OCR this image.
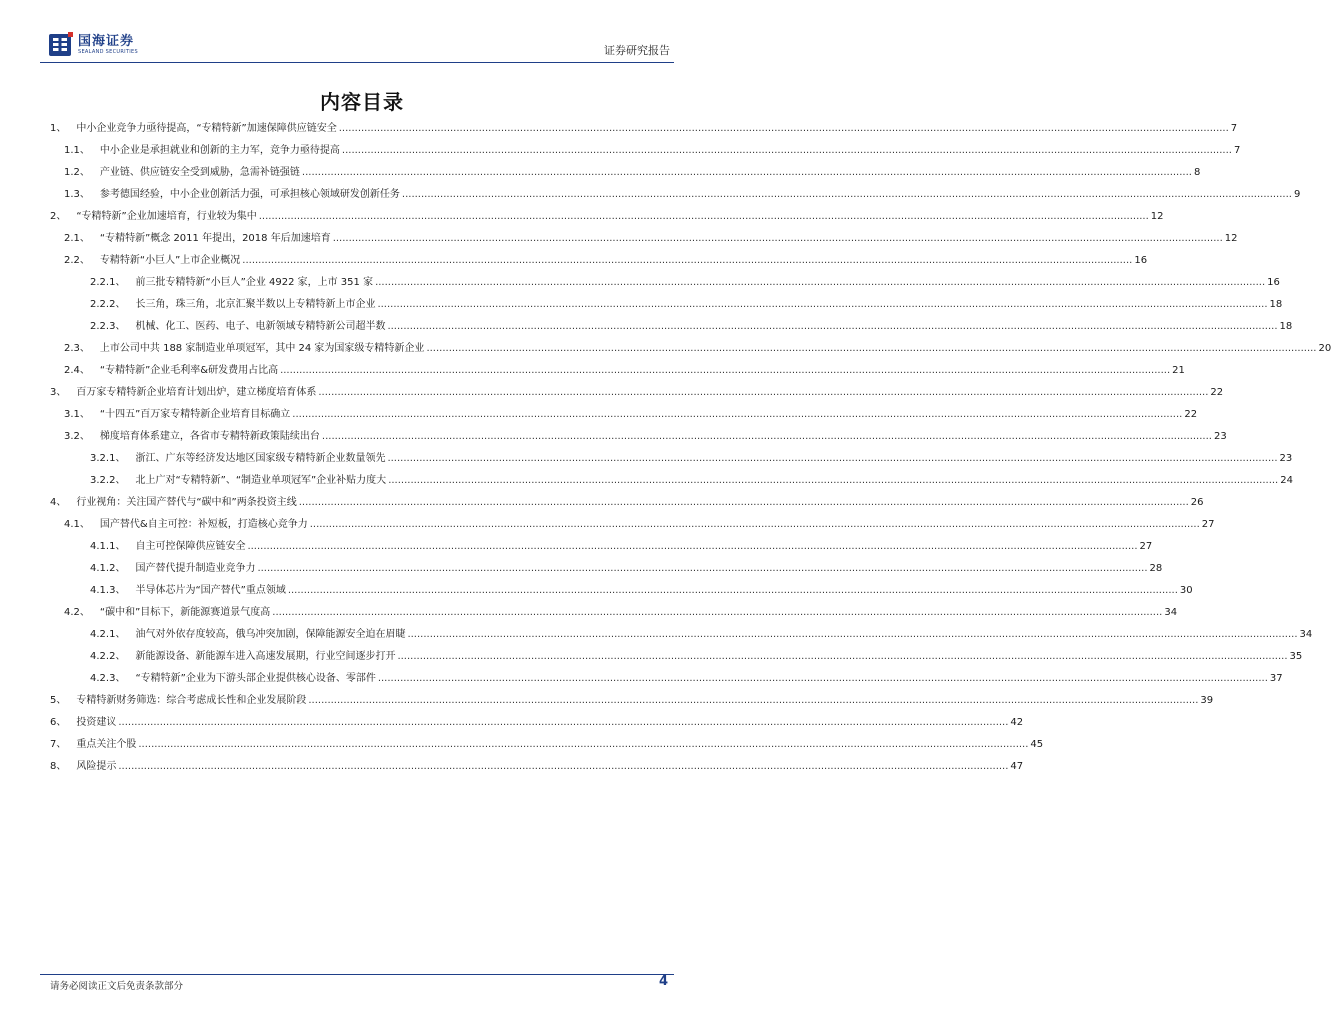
国海证券
SEALAND SECURITIES	证券研究报告
内容目录
1、 中小企业竞争力亟待提高，“专精特新”加速保障供应链安全 .....	7
1.1、 中小企业是承担就业和创新的主力军，竞争力亟待提高 .....	7
1.2、 产业链、供应链安全受到威胁，急需补链强链 .....	8
1.3、 参考德国经验，中小企业创新活力强，可承担核心领域研发创新任务 .....	9
2、 “专精特新”企业加速培育，行业较为集中 .....	12
2.1、 “专精特新”概念 2011 年提出，2018 年后加速培育 .....	12
2.2、 专精特新“小巨人”上市企业概况 .....	16
2.2.1、 前三批专精特新“小巨人”企业 4922 家，上市 351 家 .....	16
2.2.2、 长三角，珠三角，北京汇聚半数以上专精特新上市企业 .....	18
2.2.3、 机械、化工、医药、电子、电新领域专精特新公司超半数 .....	18
2.3、 上市公司中共 188 家制造业单项冠军，其中 24 家为国家级专精特新企业 .....	20
2.4、 “专精特新”企业毛利率&研发费用占比高 .....	21
3、 百万家专精特新企业培育计划出炉，建立梯度培育体系 .....	22
3.1、 “十四五”百万家专精特新企业培育目标确立 .....	22
3.2、 梯度培育体系建立，各省市专精特新政策陆续出台 .....	23
3.2.1、 浙江、广东等经济发达地区国家级专精特新企业数量领先 .....	23
3.2.2、 北上广对“专精特新”、“制造业单项冠军”企业补贴力度大 .....	24
4、 行业视角：关注国产替代与“碳中和”两条投资主线 .....	26
4.1、 国产替代&自主可控：补短板，打造核心竞争力 .....	27
4.1.1、 自主可控保障供应链安全 .....	27
4.1.2、 国产替代提升制造业竞争力 .....	28
4.1.3、 半导体芯片为“国产替代”重点领域 .....	30
4.2、 “碳中和”目标下，新能源赛道景气度高 .....	34
4.2.1、 油气对外依存度较高，俄乌冲突加剧，保障能源安全迫在眉睫 .....	34
4.2.2、 新能源设备、新能源车进入高速发展期，行业空间逐步打开 .....	35
4.2.3、 “专精特新”企业为下游头部企业提供核心设备、零部件 .....	37
5、 专精特新财务筛选：综合考虑成长性和企业发展阶段 .....	39
6、 投资建议 .....	42
7、 重点关注个股 .....	45
8、 风险提示 .....	47
请务必阅读正文后免责条款部分	4
